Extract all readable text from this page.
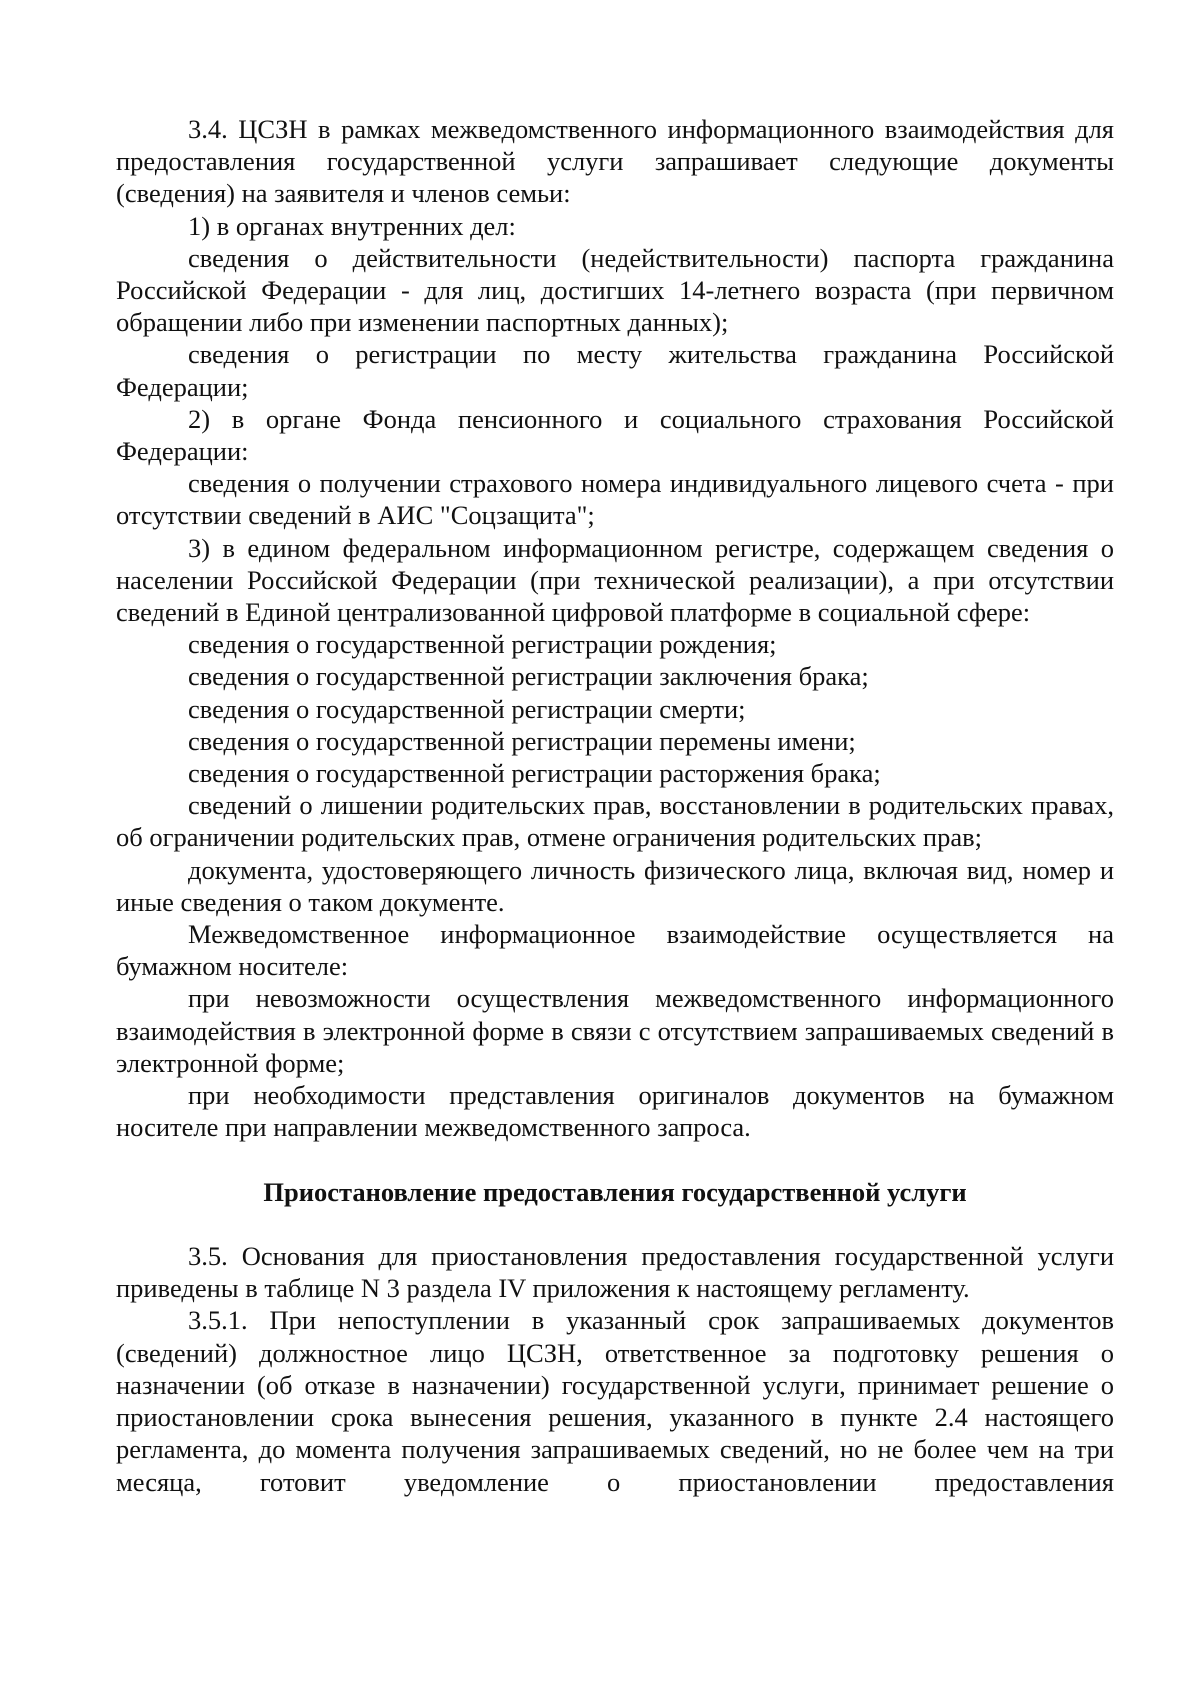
3.4. ЦСЗН в рамках межведомственного информационного взаимодействия для предоставления государственной услуги запрашивает следующие документы (сведения) на заявителя и членов семьи:

1) в органах внутренних дел:

сведения о действительности (недействительности) паспорта гражданина Российской Федерации - для лиц, достигших 14-летнего возраста (при первичном обращении либо при изменении паспортных данных);

сведения о регистрации по месту жительства гражданина Российской Федерации;

2) в органе Фонда пенсионного и социального страхования Российской Федерации:

сведения о получении страхового номера индивидуального лицевого счета - при отсутствии сведений в АИС "Соцзащита";

3) в едином федеральном информационном регистре, содержащем сведения о населении Российской Федерации (при технической реализации), а при отсутствии сведений в Единой централизованной цифровой платформе в социальной сфере:

сведения о государственной регистрации рождения;

сведения о государственной регистрации заключения брака;

сведения о государственной регистрации смерти;

сведения о государственной регистрации перемены имени;

сведения о государственной регистрации расторжения брака;

сведений о лишении родительских прав, восстановлении в родительских правах, об ограничении родительских прав, отмене ограничения родительских прав;

документа, удостоверяющего личность физического лица, включая вид, номер и иные сведения о таком документе.

Межведомственное информационное взаимодействие осуществляется на бумажном носителе:

при невозможности осуществления межведомственного информационного взаимодействия в электронной форме в связи с отсутствием запрашиваемых сведений в электронной форме;

при необходимости представления оригиналов документов на бумажном носителе при направлении межведомственного запроса.

Приостановление предоставления государственной услуги

3.5. Основания для приостановления предоставления государственной услуги приведены в таблице N 3 раздела IV приложения к настоящему регламенту.

3.5.1. При непоступлении в указанный срок запрашиваемых документов (сведений) должностное лицо ЦСЗН, ответственное за подготовку решения о назначении (об отказе в назначении) государственной услуги, принимает решение о приостановлении срока вынесения решения, указанного в пункте 2.4 настоящего регламента, до момента получения запрашиваемых сведений, но не более чем на три месяца, готовит уведомление о приостановлении предоставления
